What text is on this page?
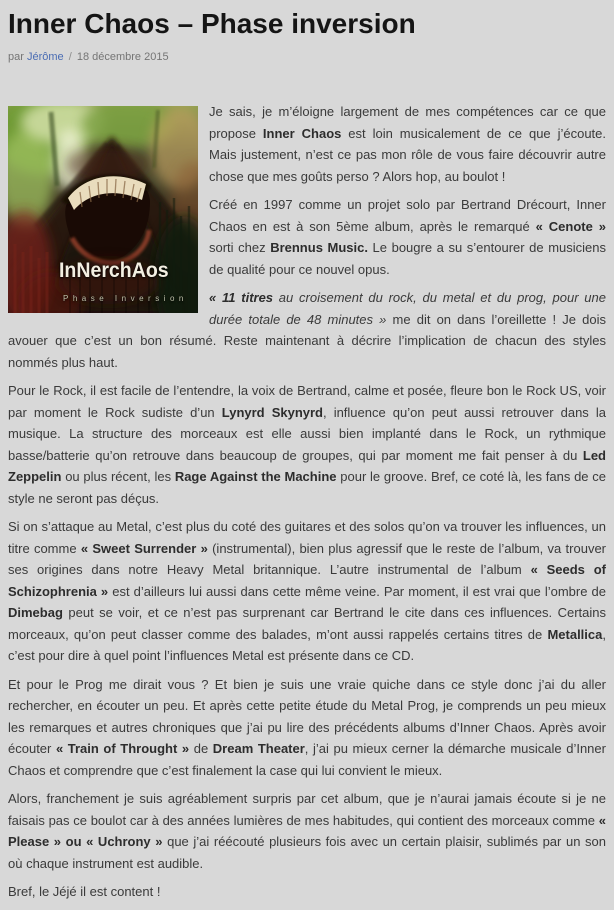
Inner Chaos – Phase inversion
par Jérôme / 18 décembre 2015
InNerchAos
Phase Inversion

Je sais, je m’éloigne largement de mes compétences car ce que propose Inner Chaos est loin musicalement de ce que j’écoute. Mais justement, n’est ce pas mon rôle de vous faire découvrir autre chose que mes goûts perso ? Alors hop, au boulot !

Créé en 1997 comme un projet solo par Bertrand Drécourt, Inner Chaos en est à son 5ème album, après le remarqué « Cenote » sorti chez Brennus Music. Le bougre a su s’entourer de musiciens de qualité pour ce nouvel opus.

« 11 titres au croisement du rock, du metal et du prog, pour une durée totale de 48 minutes » me dit on dans l’oreillette ! Je dois avouer que c’est un bon résumé. Reste maintenant à décrire l’implication de chacun des styles nommés plus haut.

Pour le Rock, il est facile de l’entendre, la voix de Bertrand, calme et posée, fleure bon le Rock US, voir par moment le Rock sudiste d’un Lynyrd Skynyrd, influence qu’on peut aussi retrouver dans la musique. La structure des morceaux est elle aussi bien implanté dans le Rock, un rythmique basse/batterie qu’on retrouve dans beaucoup de groupes, qui par moment me fait penser à du Led Zeppelin ou plus récent, les Rage Against the Machine pour le groove. Bref, ce coté là, les fans de ce style ne seront pas déçus.

Si on s’attaque au Metal, c’est plus du coté des guitares et des solos qu’on va trouver les influences, un titre comme « Sweet Surrender » (instrumental), bien plus agressif que le reste de l’album, va trouver ses origines dans notre Heavy Metal britannique. L’autre instrumental de l’album « Seeds of Schizophrenia » est d’ailleurs lui aussi dans cette même veine. Par moment, il est vrai que l’ombre de Dimebag peut se voir, et ce n’est pas surprenant car Bertrand le cite dans ces influences. Certains morceaux, qu’on peut classer comme des balades, m’ont aussi rappelés certains titres de Metallica, c’est pour dire à quel point l’influences Metal est présente dans ce CD.

Et pour le Prog me dirait vous ? Et bien je suis une vraie quiche dans ce style donc j’ai du aller rechercher, en écouter un peu. Et après cette petite étude du Metal Prog, je comprends un peu mieux les remarques et autres chroniques que j’ai pu lire des précédents albums d’Inner Chaos. Après avoir écouter « Train of Throught » de Dream Theater, j’ai pu mieux cerner la démarche musicale d’Inner Chaos et comprendre que c’est finalement la case qui lui convient le mieux.

Alors, franchement je suis agréablement surpris par cet album, que je n’aurai jamais écoute si je ne faisais pas ce boulot car à des années lumières de mes habitudes, qui contient des morceaux comme « Please » ou « Uchrony » que j’ai réécouté plusieurs fois avec un certain plaisir, sublimés par un son où chaque instrument est audible.

Bref, le Jéjé il est content !
